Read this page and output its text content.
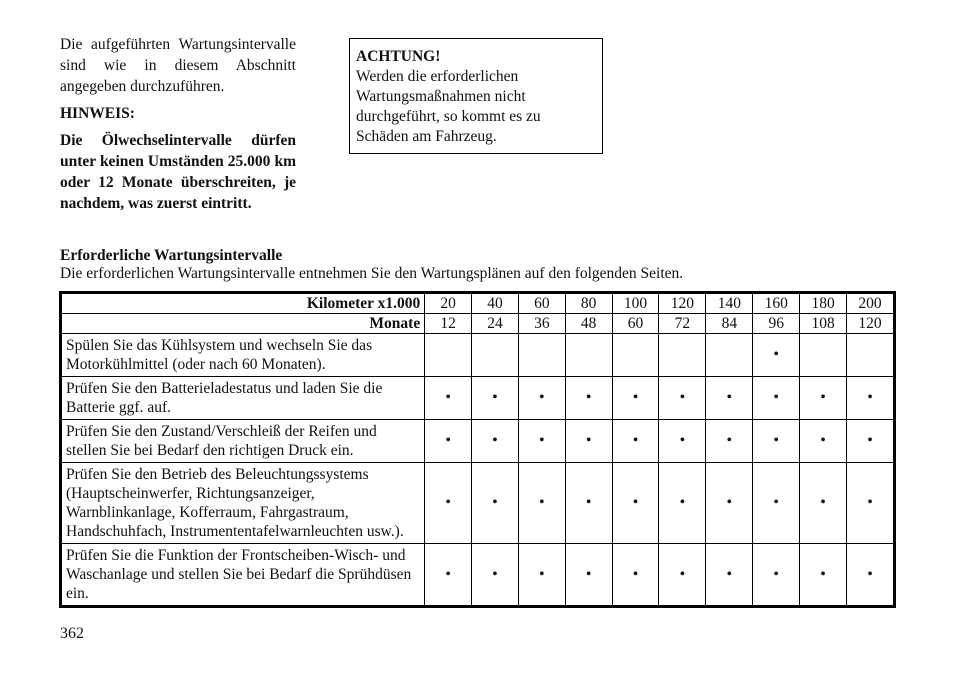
Die aufgeführten Wartungsintervalle sind wie in diesem Abschnitt angegeben durchzuführen.

HINWEIS:

Die Ölwechselintervalle dürfen unter keinen Umständen 25.000 km oder 12 Monate überschreiten, je nachdem, was zuerst eintritt.

ACHTUNG!
Werden die erforderlichen Wartungsmaßnahmen nicht durchgeführt, so kommt es zu Schäden am Fahrzeug.
Erforderliche Wartungsintervalle
Die erforderlichen Wartungsintervalle entnehmen Sie den Wartungsplänen auf den folgenden Seiten.
Kilometer x1.000	20	40	60	80	100	120	140	160	180	200
Monate	12	24	36	48	60	72	84	96	108	120
Spülen Sie das Kühlsystem und wechseln Sie das Motorkühlmittel (oder nach 60 Monaten).								•		
Prüfen Sie den Batterieladestatus und laden Sie die Batterie ggf. auf.	•	•	•	•	•	•	•	•	•	•
Prüfen Sie den Zustand/Verschleiß der Reifen und stellen Sie bei Bedarf den richtigen Druck ein.	•	•	•	•	•	•	•	•	•	•
Prüfen Sie den Betrieb des Beleuchtungssystems (Hauptscheinwerfer, Richtungsanzeiger, Warnblinkanlage, Kofferraum, Fahrgastraum, Handschuhfach, Instrumententafelwarnleuchten usw.).	•	•	•	•	•	•	•	•	•	•
Prüfen Sie die Funktion der Frontscheiben-Wisch- und Waschanlage und stellen Sie bei Bedarf die Sprühdüsen ein.	•	•	•	•	•	•	•	•	•	•
362
